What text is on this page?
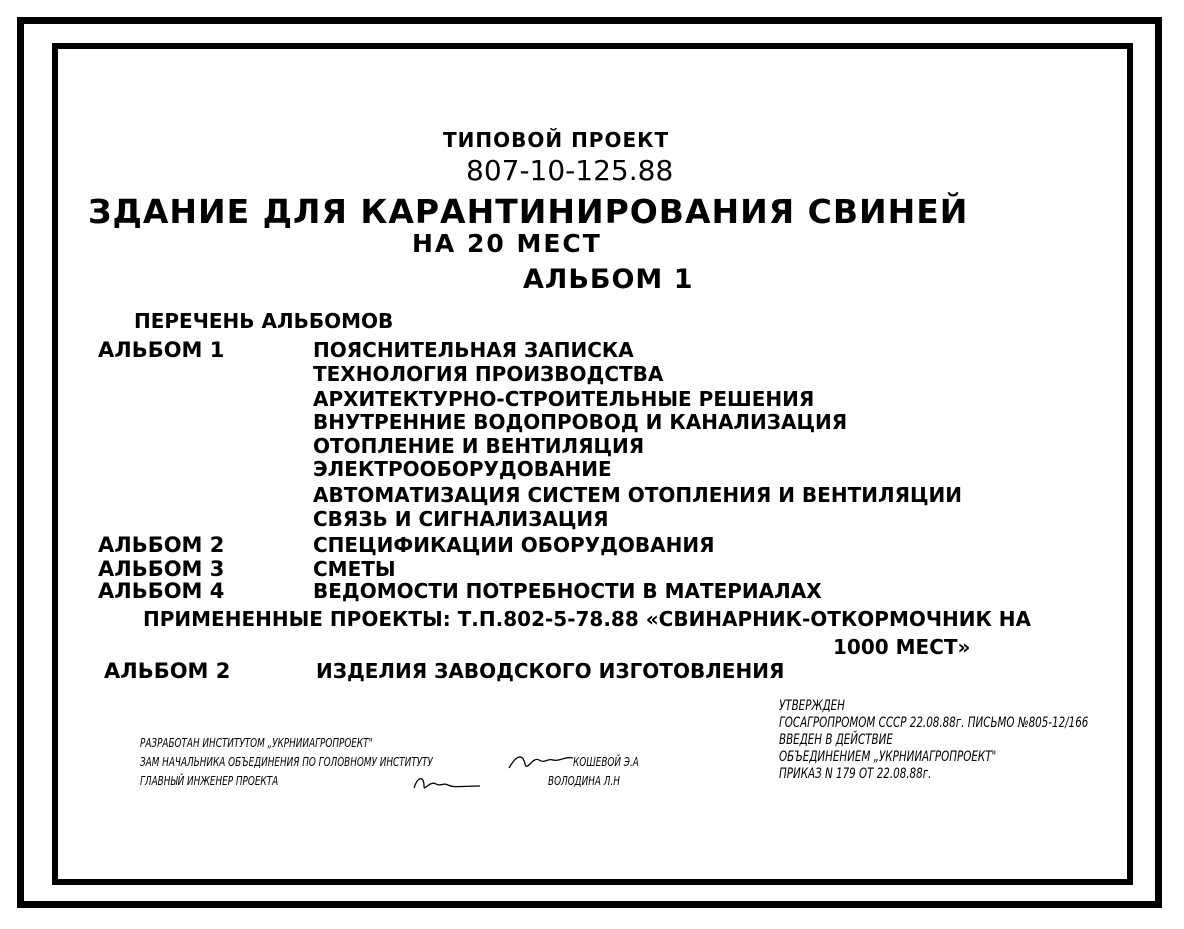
ТИПОВОЙ ПРОЕКТ
807-10-125.88
ЗДАНИЕ ДЛЯ КАРАНТИНИРОВАНИЯ СВИНЕЙ
НА 20 МЕСТ
АЛЬБОМ 1
ПЕРЕЧЕНЬ АЛЬБОМОВ
АЛЬБОМ 1	ПОЯСНИТЕЛЬНАЯ ЗАПИСКА
ТЕХНОЛОГИЯ ПРОИЗВОДСТВА
АРХИТЕКТУРНО-СТРОИТЕЛЬНЫЕ РЕШЕНИЯ
ВНУТРЕННИЕ ВОДОПРОВОД И КАНАЛИЗАЦИЯ
ОТОПЛЕНИЕ И ВЕНТИЛЯЦИЯ
ЭЛЕКТРООБОРУДОВАНИЕ
АВТОМАТИЗАЦИЯ СИСТЕМ ОТОПЛЕНИЯ И ВЕНТИЛЯЦИИ
СВЯЗЬ И СИГНАЛИЗАЦИЯ
АЛЬБОМ 2	СПЕЦИФИКАЦИИ ОБОРУДОВАНИЯ
АЛЬБОМ 3	СМЕТЫ
АЛЬБОМ 4	ВЕДОМОСТИ ПОТРЕБНОСТИ В МАТЕРИАЛАХ
ПРИМЕНЕННЫЕ ПРОЕКТЫ: Т.П.802-5-78.88 «СВИНАРНИК-ОТКОРМОЧНИК НА
1000 МЕСТ»
АЛЬБОМ 2	ИЗДЕЛИЯ ЗАВОДСКОГО ИЗГОТОВЛЕНИЯ
РАЗРАБОТАН ИНСТИТУТОМ „УКРНИИАГРОПРОЕКТ"
ЗАМ НАЧАЛЬНИКА ОБЪЕДИНЕНИЯ ПО ГОЛОВНОМУ ИНСТИТУТУ	КОШЕВОЙ Э.А
ГЛАВНЫЙ ИНЖЕНЕР ПРОЕКТА	ВОЛОДИНА Л.Н
УТВЕРЖДЕН
ГОСАГРОПРОМОМ СССР 22.08.88г. ПИСЬМО №805-12/166
ВВЕДЕН В ДЕЙСТВИЕ
ОБЪЕДИНЕНИЕМ „УКРНИИАГРОПРОЕКТ"
ПРИКАЗ N 179 ОТ 22.08.88г.
